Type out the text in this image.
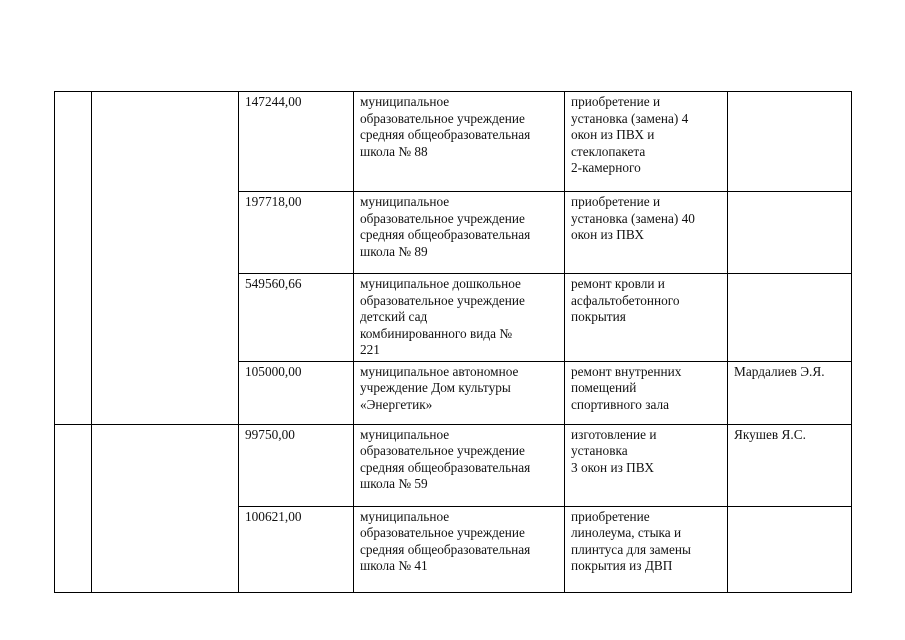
		147244,00	муниципальное
образовательное учреждение
средняя общеобразовательная
школа № 88	приобретение и
установка (замена) 4
окон из ПВХ и
стеклопакета
2-камерного	

		197718,00	муниципальное
образовательное учреждение
средняя общеобразовательная
школа № 89	приобретение и
установка (замена) 40
окон из ПВХ	

		549560,66	муниципальное дошкольное
образовательное учреждение
детский сад
комбинированного вида №
221	ремонт кровли и
асфальтобетонного
покрытия	

		105000,00	муниципальное автономное
учреждение Дом культуры
«Энергетик»	ремонт внутренних
помещений
спортивного зала	Мардалиев Э.Я.

		99750,00	муниципальное
образовательное учреждение
средняя общеобразовательная
школа № 59	изготовление и
установка
3 окон из ПВХ	Якушев Я.С.

		100621,00	муниципальное
образовательное учреждение
средняя общеобразовательная
школа № 41	приобретение
линолеума, стыка и
плинтуса для замены
покрытия из ДВП	
